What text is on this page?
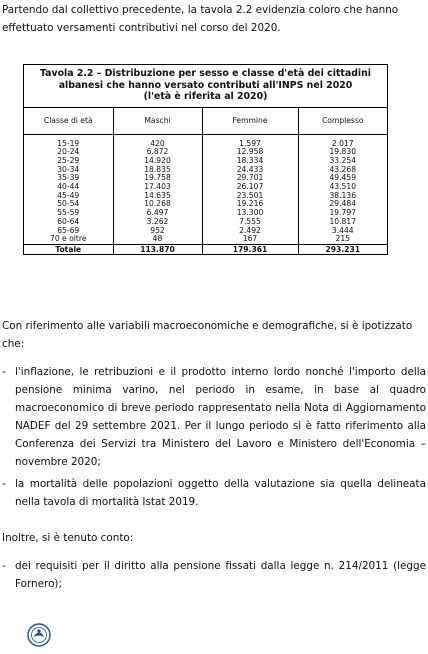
Partendo dal collettivo precedente, la tavola 2.2 evidenzia coloro che hanno effettuato versamenti contributivi nel corso del 2020.

Tavola 2.2 – Distribuzione per sesso e classe d'età dei cittadini
albanesi che hanno versato contributi all'INPS nel 2020
(l'età è riferita al 2020)
Classe di età	Maschi	Femmine	Complesso
15-19	420	1.597	2.017
20-24	6.872	12.958	19.830
25-29	14.920	18.334	33.254
30-34	18.835	24.433	43.268
35-39	19.758	29.701	49.459
40-44	17.403	26.107	43.510
45-49	14.635	23.501	38.136
50-54	10.268	19.216	29.484
55-59	6.497	13.300	19.797
60-64	3.262	7.555	10.817
65-69	952	2.492	3.444
70 e oltre	48	167	215
Totale	113.870	179.361	293.231

Con riferimento alle variabili macroeconomiche e demografiche, si è ipotizzato che:

- l'inflazione, le retribuzioni e il prodotto interno lordo nonché l'importo della pensione minima varino, nel periodo in esame, in base al quadro macroeconomico di breve periodo rappresentato nella Nota di Aggiornamento NADEF del 29 settembre 2021. Per il lungo periodo si è fatto riferimento alla Conferenza dei Servizi tra Ministero del Lavoro e Ministero dell'Economia – novembre 2020;
- la mortalità delle popolazioni oggetto della valutazione sia quella delineata nella tavola di mortalità Istat 2019.

Inoltre, si è tenuto conto:

- dei requisiti per il diritto alla pensione fissati dalla legge n. 214/2011 (legge Fornero);
